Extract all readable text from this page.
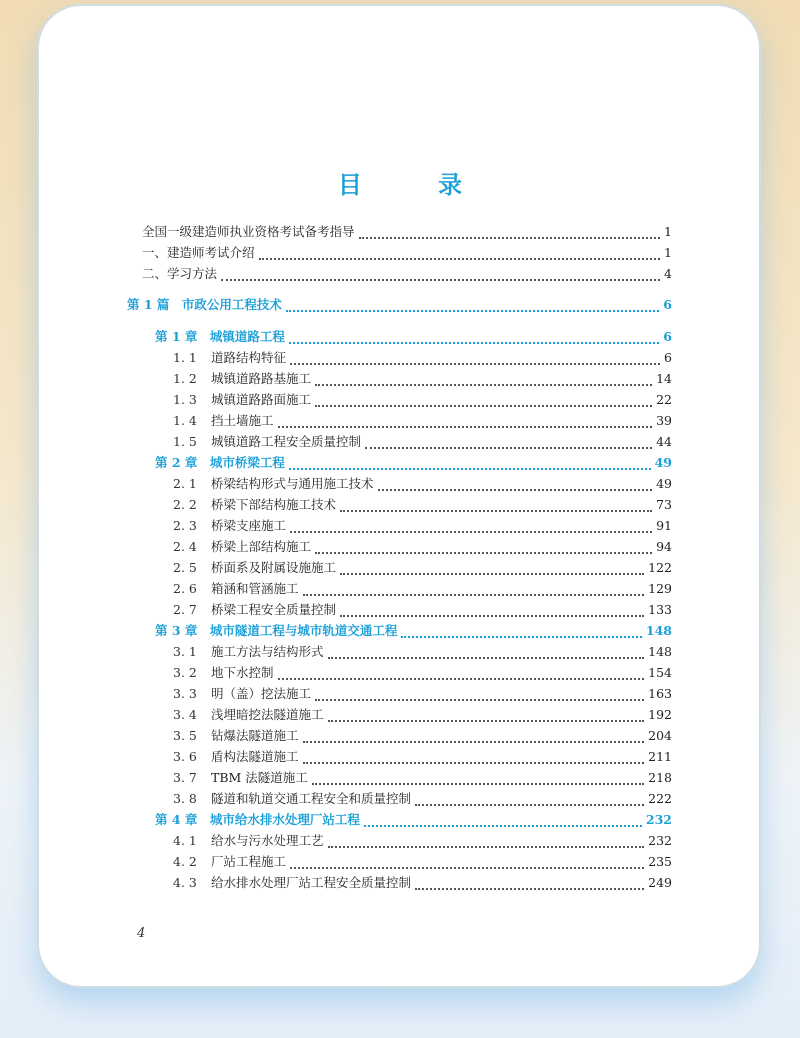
目 录
全国一级建造师执业资格考试备考指导	1
一、建造师考试介绍	1
二、学习方法	4
第 1 篇　市政公用工程技术	6
第 1 章　城镇道路工程	6
1. 1	道路结构特征	6
1. 2	城镇道路路基施工	14
1. 3	城镇道路路面施工	22
1. 4	挡土墙施工	39
1. 5	城镇道路工程安全质量控制	44
第 2 章　城市桥梁工程	49
2. 1	桥梁结构形式与通用施工技术	49
2. 2	桥梁下部结构施工技术	73
2. 3	桥梁支座施工	91
2. 4	桥梁上部结构施工	94
2. 5	桥面系及附属设施施工	122
2. 6	箱涵和管涵施工	129
2. 7	桥梁工程安全质量控制	133
第 3 章　城市隧道工程与城市轨道交通工程	148
3. 1	施工方法与结构形式	148
3. 2	地下水控制	154
3. 3	明（盖）挖法施工	163
3. 4	浅埋暗挖法隧道施工	192
3. 5	钻爆法隧道施工	204
3. 6	盾构法隧道施工	211
3. 7	TBM 法隧道施工	218
3. 8	隧道和轨道交通工程安全和质量控制	222
第 4 章　城市给水排水处理厂站工程	232
4. 1	给水与污水处理工艺	232
4. 2	厂站工程施工	235
4. 3	给水排水处理厂站工程安全质量控制	249
4
